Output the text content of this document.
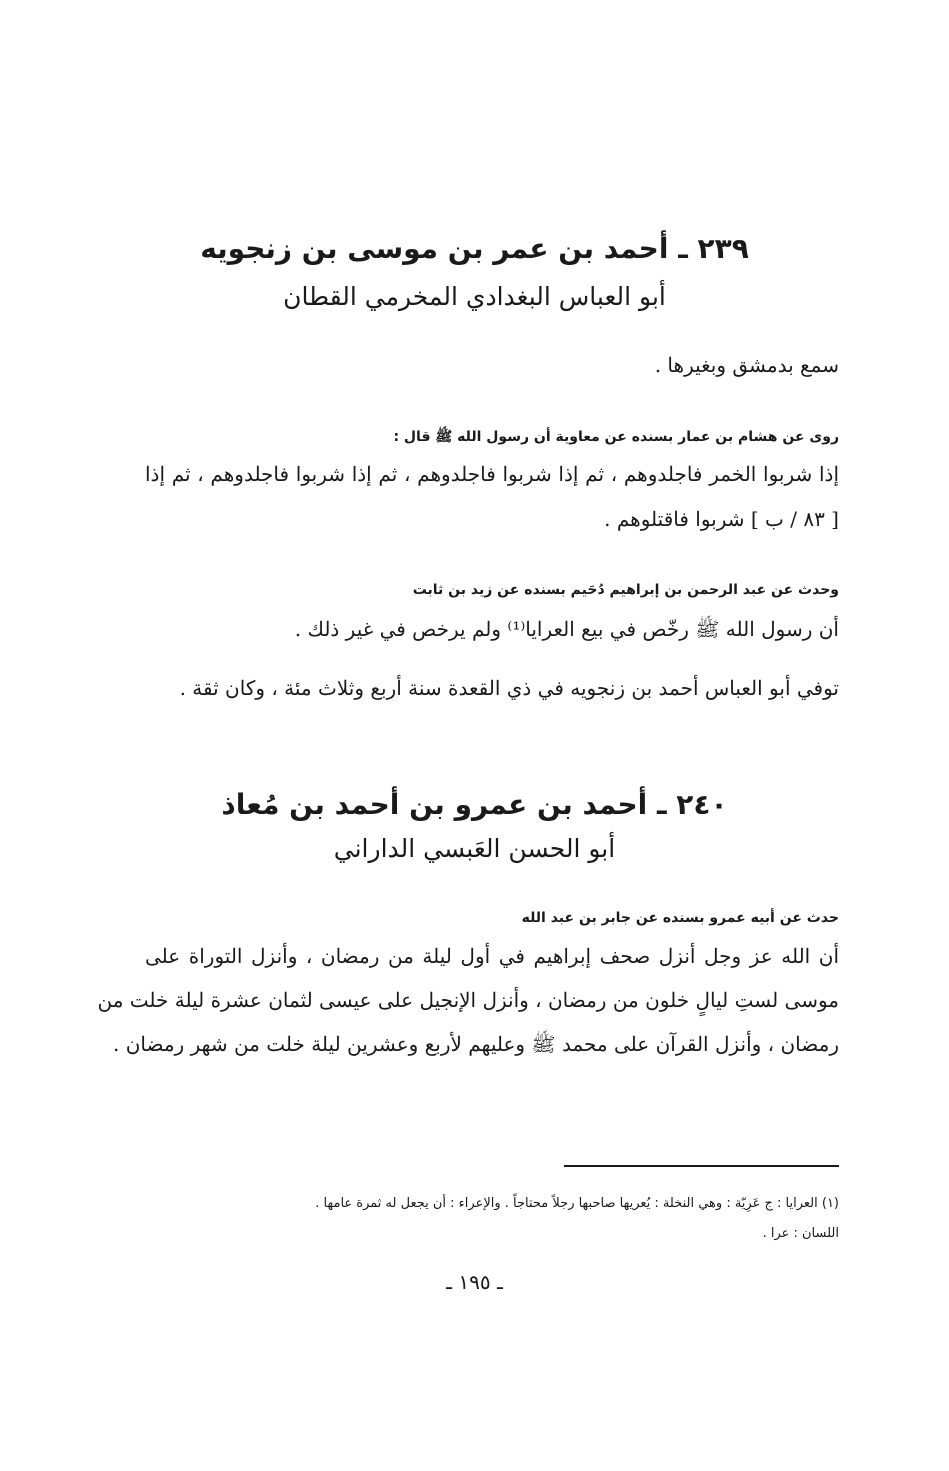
٢٣٩ ـ أحمد بن عمر بن موسى بن زنجويه
أبو العباس البغدادي المخرمي القطان
سمع بدمشق وبغيرها .
روى عن هشام بن عمار بسنده عن معاوية أن رسول الله ﷺ قال :
إذا شربوا الخمر فاجلدوهم ، ثم إذا شربوا فاجلدوهم ، ثم إذا شربوا فاجلدوهم ، ثم إذا
[ ٨٣ / ب ] شربوا فاقتلوهم .
وحدث عن عبد الرحمن بن إبراهيم دُحَيم بسنده عن زيد بن ثابت
أن رسول الله ﷺ رخّص في بيع العرايا⁽¹⁾ ولم يرخص في غير ذلك .
توفي أبو العباس أحمد بن زنجويه في ذي القعدة سنة أربع وثلاث مئة ، وكان ثقة .
٢٤٠ ـ أحمد بن عمرو بن أحمد بن مُعاذ
أبو الحسن العَبسي الداراني
حدث عن أبيه عمرو بسنده عن جابر بن عبد الله
أن الله عز وجل أنزل صحف إبراهيم في أول ليلة من رمضان ، وأنزل التوراة على
موسى لستِ ليالٍ خلون من رمضان ، وأنزل الإنجيل على عيسى لثمان عشرة ليلة خلت من
رمضان ، وأنزل القرآن على محمد ﷺ وعليهم لأربع وعشرين ليلة خلت من شهر رمضان .
(١) العرايا : ج عَرِيّة : وهي النخلة : يُعريها صاحبها رجلاً محتاجاً . والإعراء : أن يجعل له ثمرة عامها .
اللسان : عرا .
ـ ١٩٥ ـ
